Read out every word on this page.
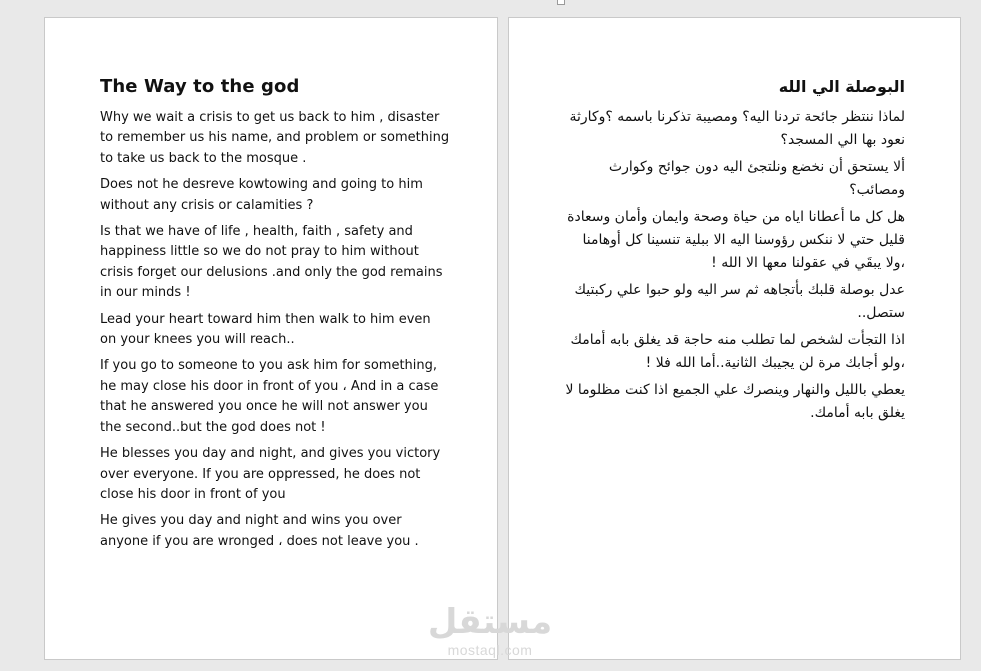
The Way to the god

Why we wait a crisis to get us back to him , disaster to remember us his name, and problem or something to take us back to the mosque .

Does not he desreve kowtowing and going to him without any crisis or calamities ?

Is that we have of life , health, faith , safety and happiness little so we do not pray to him without crisis forget our delusions .and only the god remains in our minds !

Lead your heart toward him then walk to him even on your knees you will reach..

If you go to someone to you ask him for something, he may close his door in front of you ، And in a case that he answered you once he will not answer you the second..but the god does not !

He blesses you day and night, and gives you victory over everyone. If you are oppressed, he does not close his door in front of you

He gives you day and night and wins you over anyone if you are wronged ، does not leave you .

البوصلة الي الله

لماذا ننتظر جائحة تردنا اليه؟ ومصيبة تذكرنا باسمه ؟وكارثة نعود بها الي المسجد؟

ألا يستحق أن نخضع ونلتجئ اليه دون جوائح وكوارث ومصائب؟

هل كل ما أعطانا اياه من حياة وصحة وايمان وأمان وسعادة قليل حتي لا ننكس رؤوسنا اليه الا ببلية تنسينا كل أوهامنا ،ولا يبقَي في عقولنا معها الا الله !

عدل بوصلة قلبك بأتجاهه ثم سر اليه ولو حبوا علي ركبتيك ستصل..

اذا التجأت لشخص لما تطلب منه حاجة قد يغلق بابه أمامك ،ولو أجابك مرة لن يجيبك الثانية..أما الله فلا !

يعطي بالليل والنهار وينصرك علي الجميع اذا كنت مظلوما لا يغلق بابه أمامك.

مستقل
mostaql.com
